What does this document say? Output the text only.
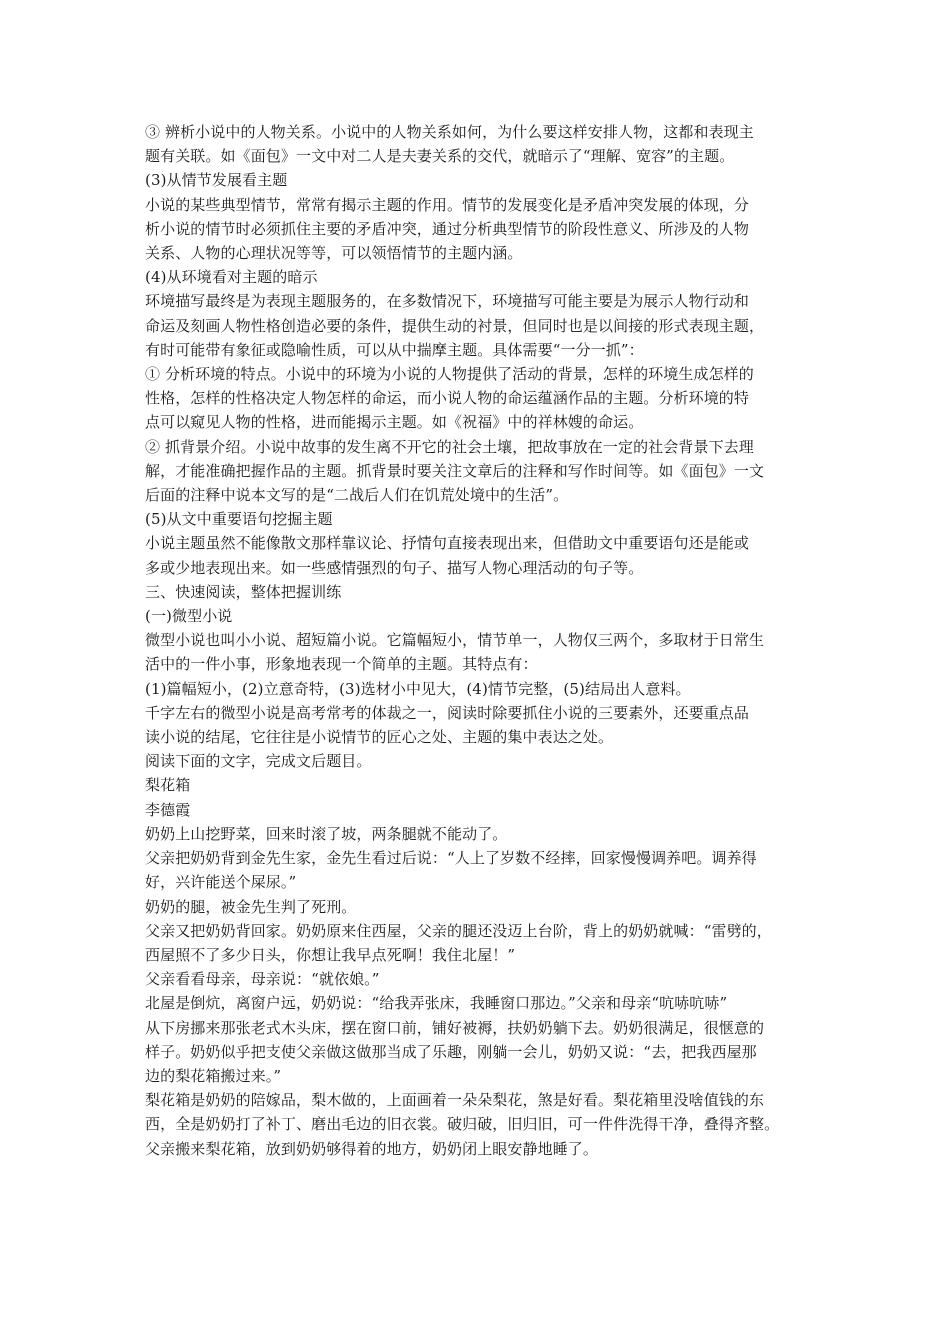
③ 辨析小说中的人物关系。小说中的人物关系如何，为什么要这样安排人物，这都和表现主

题有关联。如《面包》一文中对二人是夫妻关系的交代，就暗示了“理解、宽容”的主题。

(3)从情节发展看主题

小说的某些典型情节，常常有揭示主题的作用。情节的发展变化是矛盾冲突发展的体现，分

析小说的情节时必须抓住主要的矛盾冲突，通过分析典型情节的阶段性意义、所涉及的人物

关系、人物的心理状况等等，可以领悟情节的主题内涵。

(4)从环境看对主题的暗示

环境描写最终是为表现主题服务的，在多数情况下，环境描写可能主要是为展示人物行动和

命运及刻画人物性格创造必要的条件，提供生动的衬景，但同时也是以间接的形式表现主题，

有时可能带有象征或隐喻性质，可以从中揣摩主题。具体需要“一分一抓”：

① 分析环境的特点。小说中的环境为小说的人物提供了活动的背景，怎样的环境生成怎样的

性格，怎样的性格决定人物怎样的命运，而小说人物的命运蕴涵作品的主题。分析环境的特

点可以窥见人物的性格，进而能揭示主题。如《祝福》中的祥林嫂的命运。

② 抓背景介绍。小说中故事的发生离不开它的社会土壤，把故事放在一定的社会背景下去理

解，才能准确把握作品的主题。抓背景时要关注文章后的注释和写作时间等。如《面包》一文

后面的注释中说本文写的是“二战后人们在饥荒处境中的生活”。

(5)从文中重要语句挖掘主题

小说主题虽然不能像散文那样靠议论、抒情句直接表现出来，但借助文中重要语句还是能或

多或少地表现出来。如一些感情强烈的句子、描写人物心理活动的句子等。

三、快速阅读，整体把握训练

(一)微型小说

微型小说也叫小小说、超短篇小说。它篇幅短小，情节单一，人物仅三两个，多取材于日常生

活中的一件小事，形象地表现一个简单的主题。其特点有：

(1)篇幅短小，(2)立意奇特，(3)选材小中见大，(4)情节完整，(5)结局出人意料。

千字左右的微型小说是高考常考的体裁之一，阅读时除要抓住小说的三要素外，还要重点品

读小说的结尾，它往往是小说情节的匠心之处、主题的集中表达之处。

阅读下面的文字，完成文后题目。

梨花箱

李德霞

奶奶上山挖野菜，回来时滚了坡，两条腿就不能动了。

父亲把奶奶背到金先生家，金先生看过后说：“人上了岁数不经摔，回家慢慢调养吧。调养得

好，兴许能送个屎尿。”

奶奶的腿，被金先生判了死刑。

父亲又把奶奶背回家。奶奶原来住西屋，父亲的腿还没迈上台阶，背上的奶奶就喊：“雷劈的，

西屋照不了多少日头，你想让我早点死啊！我住北屋！”

父亲看看母亲，母亲说：“就依娘。”

北屋是倒炕，离窗户远，奶奶说：“给我弄张床，我睡窗口那边。”父亲和母亲“吭哧吭哧”

从下房挪来那张老式木头床，摆在窗口前，铺好被褥，扶奶奶躺下去。奶奶很满足，很惬意的

样子。奶奶似乎把支使父亲做这做那当成了乐趣，刚躺一会儿，奶奶又说：“去，把我西屋那

边的梨花箱搬过来。”

梨花箱是奶奶的陪嫁品，梨木做的，上面画着一朵朵梨花，煞是好看。梨花箱里没啥值钱的东

西，全是奶奶打了补丁、磨出毛边的旧衣裳。破归破，旧归旧，可一件件洗得干净，叠得齐整。

父亲搬来梨花箱，放到奶奶够得着的地方，奶奶闭上眼安静地睡了。
